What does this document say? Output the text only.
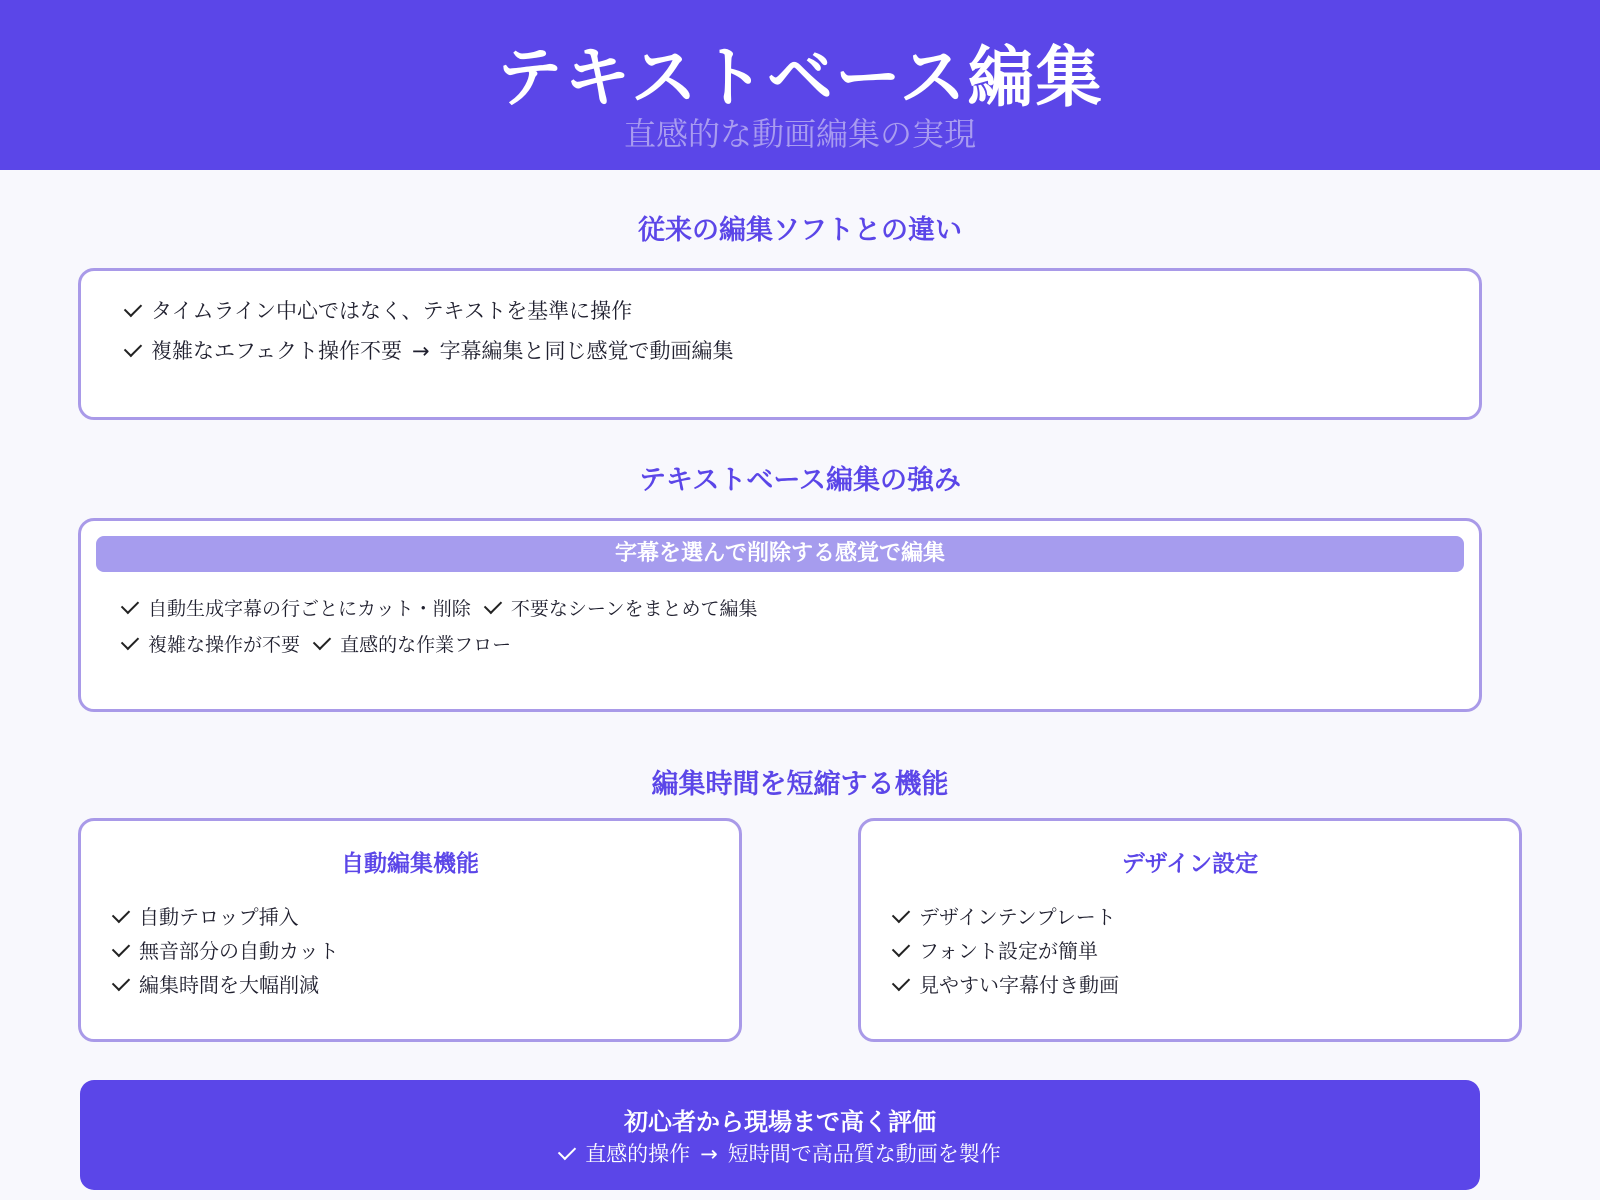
テキストベース編集
直感的な動画編集の実現
従来の編集ソフトとの違い
タイムライン中心ではなく、テキストを基準に操作
複雑なエフェクト操作不要 → 字幕編集と同じ感覚で動画編集
テキストベース編集の強み
字幕を選んで削除する感覚で編集
自動生成字幕の行ごとにカット・削除 不要なシーンをまとめて編集
複雑な操作が不要 直感的な作業フロー
編集時間を短縮する機能
自動編集機能
自動テロップ挿入
無音部分の自動カット
編集時間を大幅削減
デザイン設定
デザインテンプレート
フォント設定が簡単
見やすい字幕付き動画
初心者から現場まで高く評価
直感的操作 → 短時間で高品質な動画を製作
